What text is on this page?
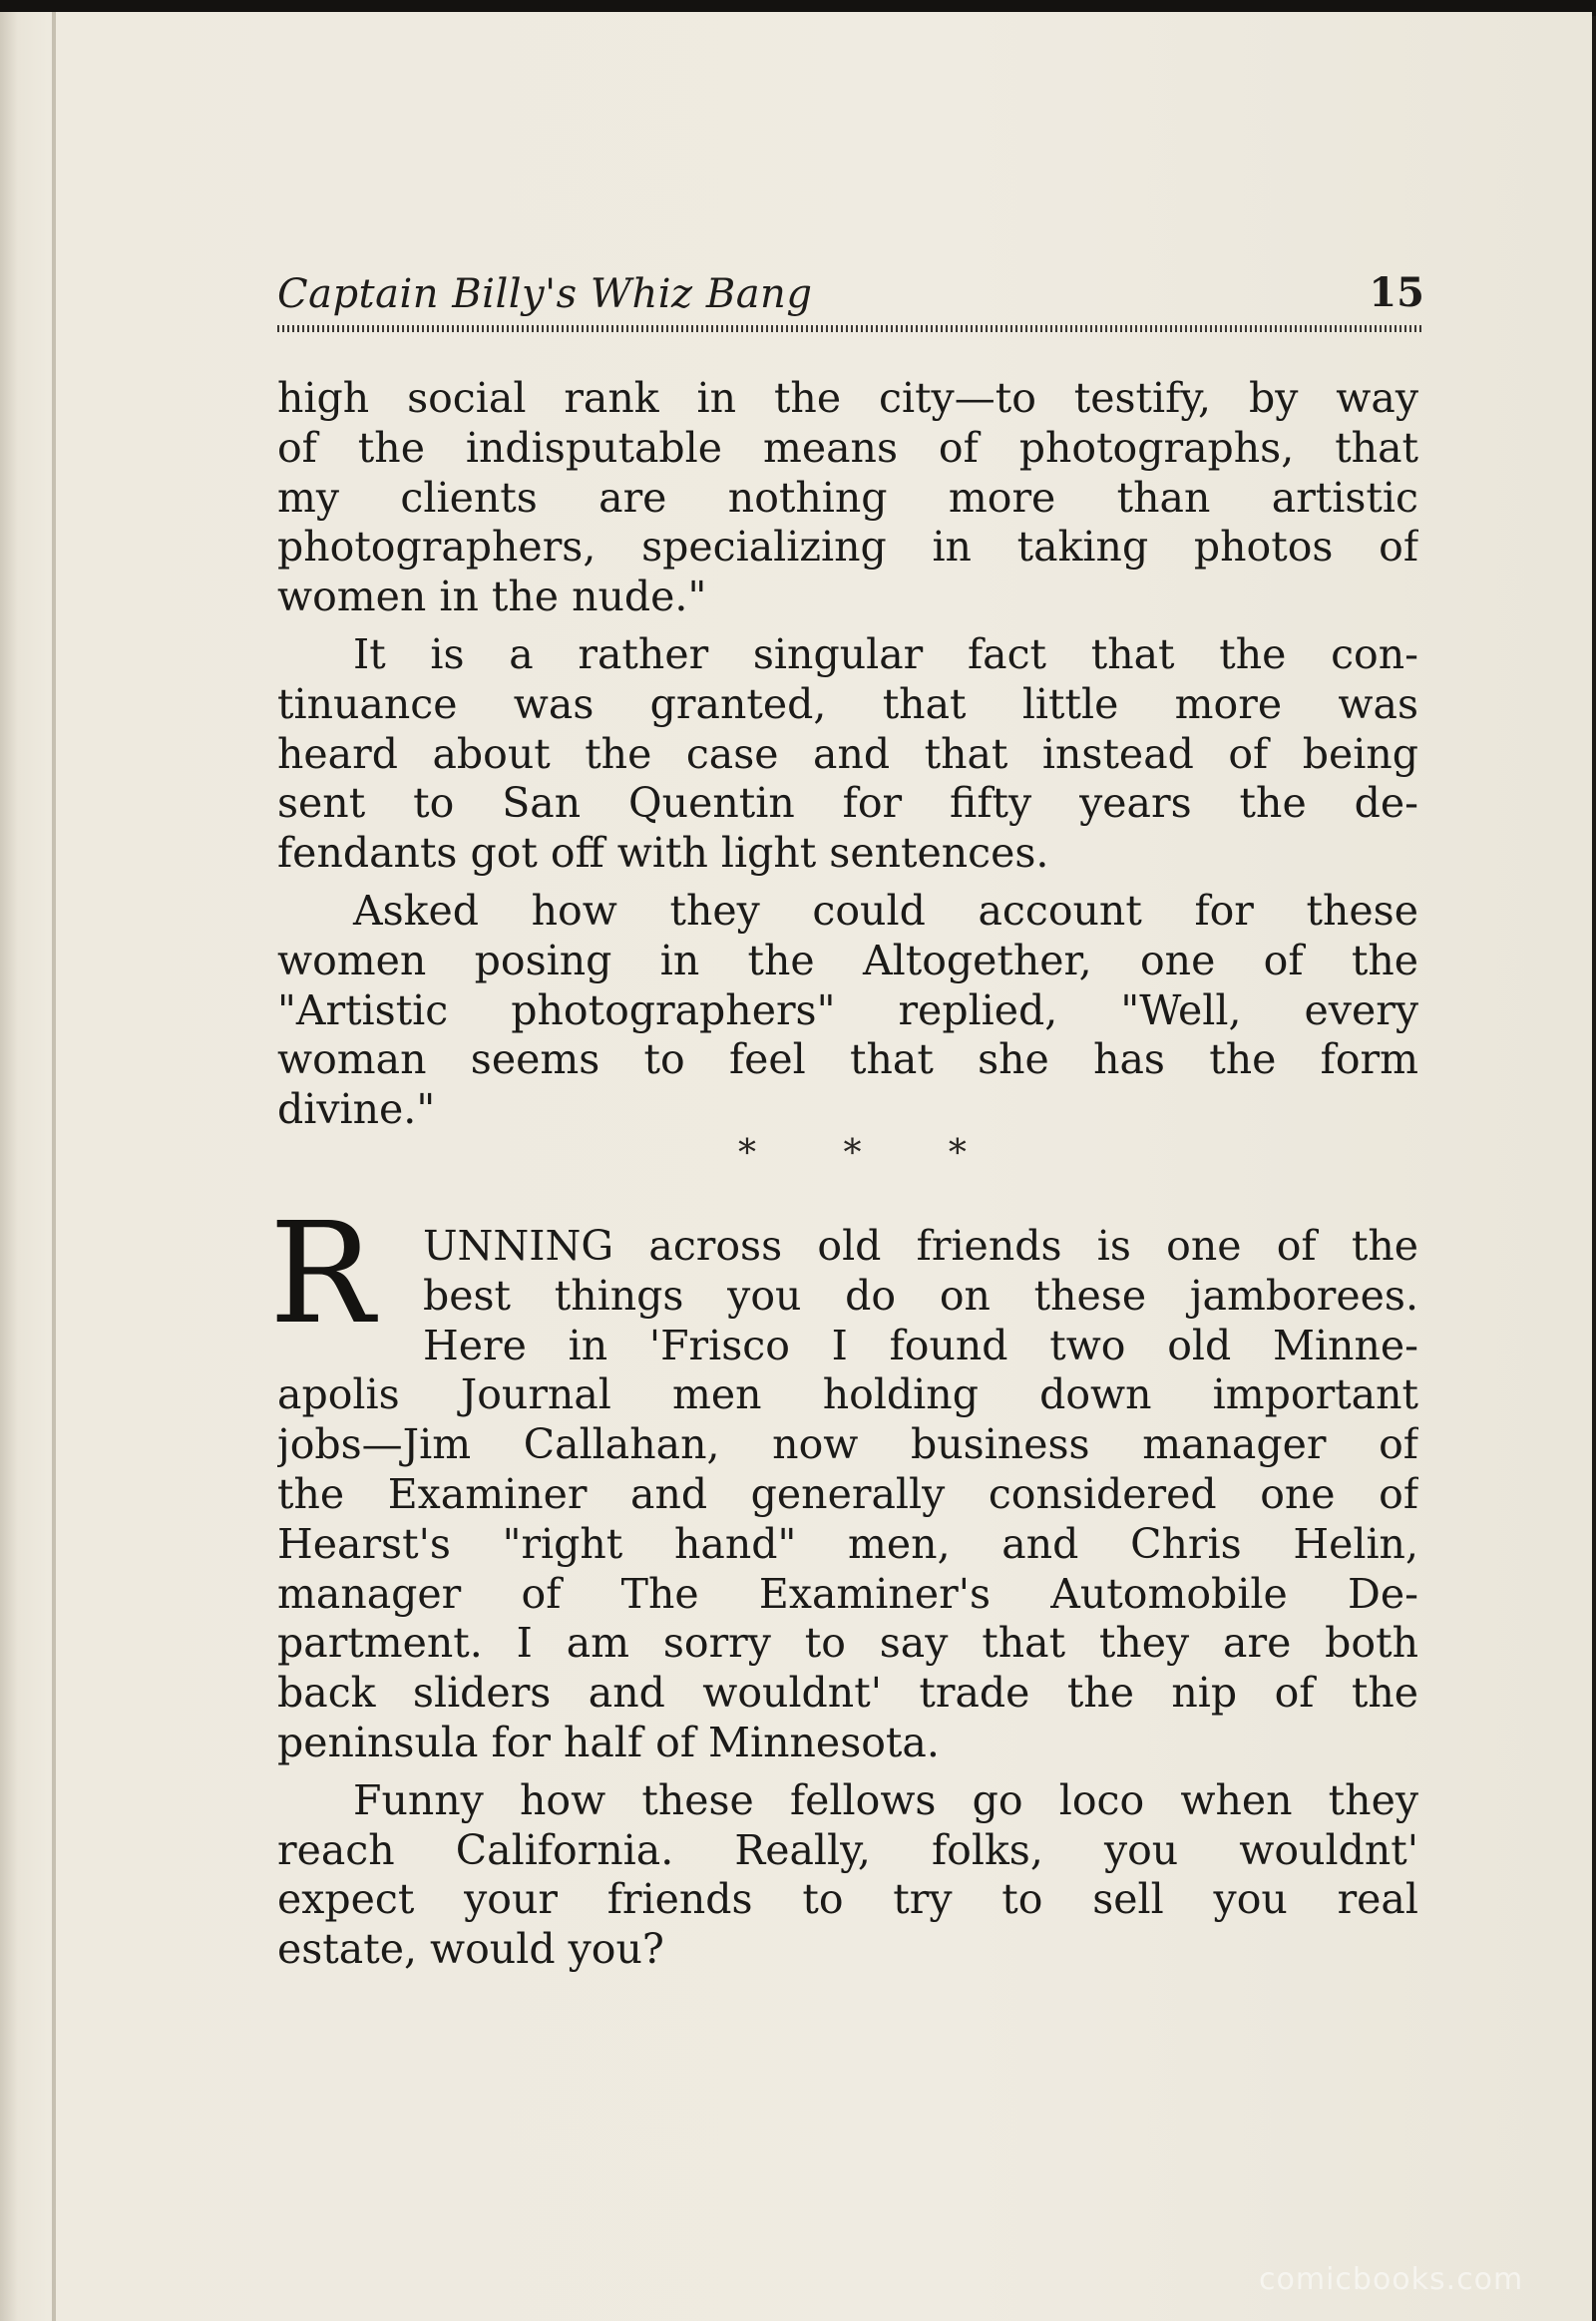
Captain Billy's Whiz Bang	15
high social rank in the city—to testify, by way
of the indisputable means of photographs, that
my clients are nothing more than artistic
photographers, specializing in taking photos of
women in the nude."
It is a rather singular fact that the con-
tinuance was granted, that little more was
heard about the case and that instead of being
sent to San Quentin for fifty years the de-
fendants got off with light sentences.
Asked how they could account for these
women posing in the Altogether, one of the
"Artistic photographers" replied, "Well, every
woman seems to feel that she has the form
divine."
* * *
R	UNNING across old friends is one of the
best things you do on these jamborees.
Here in 'Frisco I found two old Minne-
apolis Journal men holding down important
jobs—Jim Callahan, now business manager of
the Examiner and generally considered one of
Hearst's "right hand" men, and Chris Helin,
manager of The Examiner's Automobile De-
partment. I am sorry to say that they are both
back sliders and wouldnt' trade the nip of the
peninsula for half of Minnesota.
Funny how these fellows go loco when they
reach California. Really, folks, you wouldnt'
expect your friends to try to sell you real
estate, would you?
comicbooks.com
